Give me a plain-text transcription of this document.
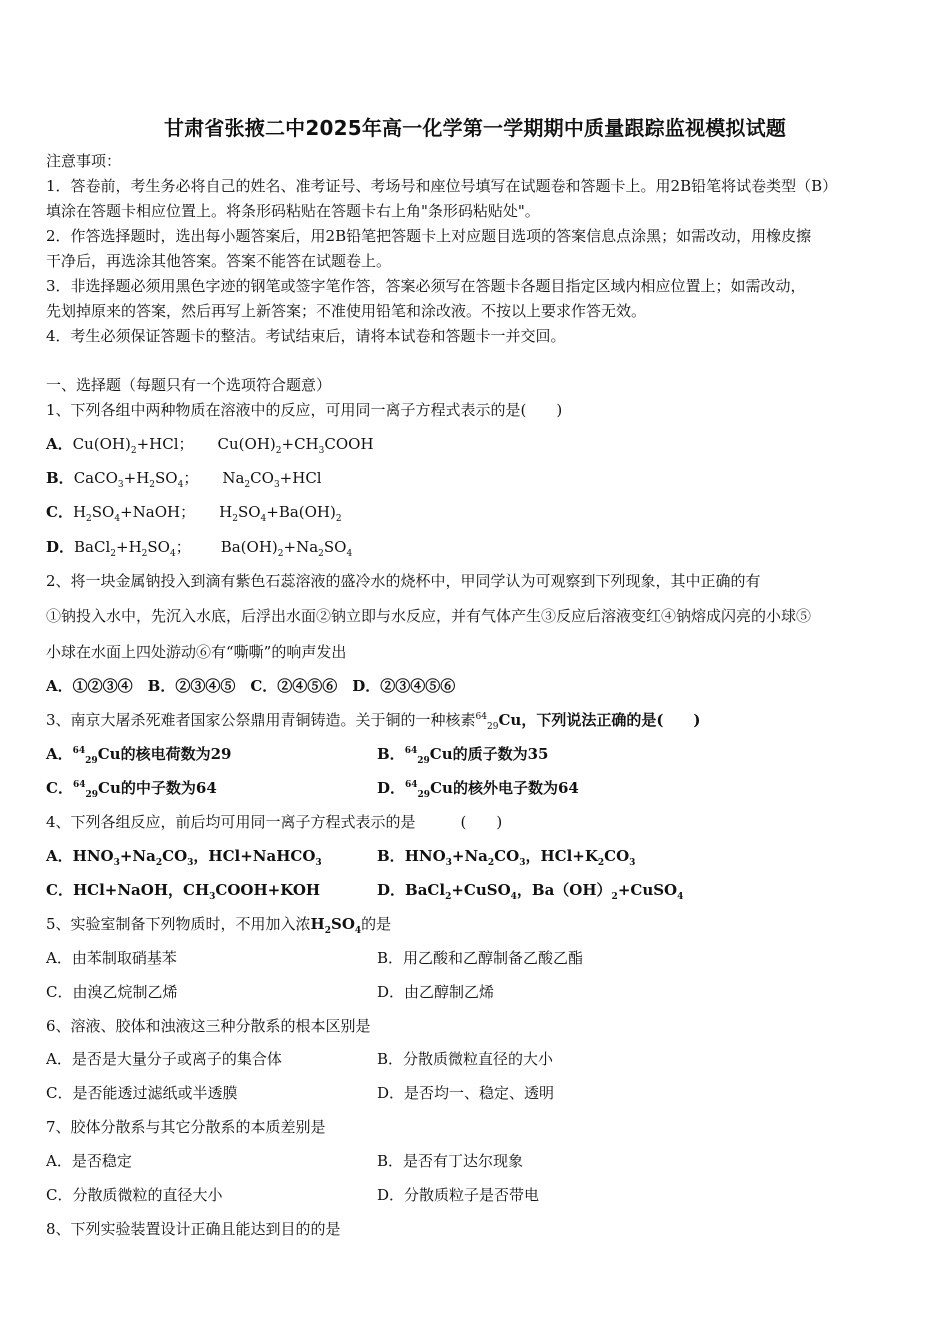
甘肃省张掖二中2025年高一化学第一学期期中质量跟踪监视模拟试题
注意事项：
1．答卷前，考生务必将自己的姓名、准考证号、考场号和座位号填写在试题卷和答题卡上。用2B铅笔将试卷类型（B）
填涂在答题卡相应位置上。将条形码粘贴在答题卡右上角"条形码粘贴处"。
2．作答选择题时，选出每小题答案后，用2B铅笔把答题卡上对应题目选项的答案信息点涂黑；如需改动，用橡皮擦
干净后，再选涂其他答案。答案不能答在试题卷上。
3．非选择题必须用黑色字迹的钢笔或签字笔作答，答案必须写在答题卡各题目指定区域内相应位置上；如需改动，
先划掉原来的答案，然后再写上新答案；不准使用铅笔和涂改液。不按以上要求作答无效。
4．考生必须保证答题卡的整洁。考试结束后，请将本试卷和答题卡一并交回。
一、选择题（每题只有一个选项符合题意）
1、下列各组中两种物质在溶液中的反应，可用同一离子方程式表示的是(　　)
A．$Cu(OH)_2+HCl$； $Cu(OH)_2+CH_3COOH$
B．$CaCO_3+H_2SO_4$； $Na_2CO_3+HCl$
C．$H_2SO_4+NaOH$； $H_2SO_4+Ba(OH)_2$
D．$BaCl_2+H_2SO_4$； $Ba(OH)_2+Na_2SO_4$
2、将一块金属钠投入到滴有紫色石蕊溶液的盛冷水的烧杯中，甲同学认为可观察到下列现象，其中正确的有
①钠投入水中，先沉入水底，后浮出水面②钠立即与水反应，并有气体产生③反应后溶液变红④钠熔成闪亮的小球⑤
小球在水面上四处游动⑥有“嘶嘶”的响声发出
A．①②③④　B．②③④⑤　C．②④⑤⑥　D．②③④⑤⑥
3、南京大屠杀死难者国家公祭鼎用青铜铸造。关于铜的一种核素$^{64}_{29}$Cu，下列说法正确的是(　　)
A．$^{64}_{29}$Cu的核电荷数为29	B．$^{64}_{29}$Cu的质子数为35
C．$^{64}_{29}$Cu的中子数为64	D．$^{64}_{29}$Cu的核外电子数为64
4、下列各组反应，前后均可用同一离子方程式表示的是　　　(　　)
A．$HNO_3+Na_2CO_3$，HCl+NaHCO$_3$	B．$HNO_3+Na_2CO_3$，$HCl+K_2CO_3$
C．HCl+NaOH，$CH_3COOH+KOH$	D．BaCl$_2$+CuSO$_4$，$Ba(OH)_2+CuSO_4$
5、实验室制备下列物质时，不用加入浓$H_2SO_4$的是
A．由苯制取硝基苯	B．用乙酸和乙醇制备乙酸乙酯
C．由溴乙烷制乙烯	D．由乙醇制乙烯
6、溶液、胶体和浊液这三种分散系的根本区别是
A．是否是大量分子或离子的集合体	B．分散质微粒直径的大小
C．是否能透过滤纸或半透膜	D．是否均一、稳定、透明
7、胶体分散系与其它分散系的本质差别是
A．是否稳定	B．是否有丁达尔现象
C．分散质微粒的直径大小	D．分散质粒子是否带电
8、下列实验装置设计正确且能达到目的的是
